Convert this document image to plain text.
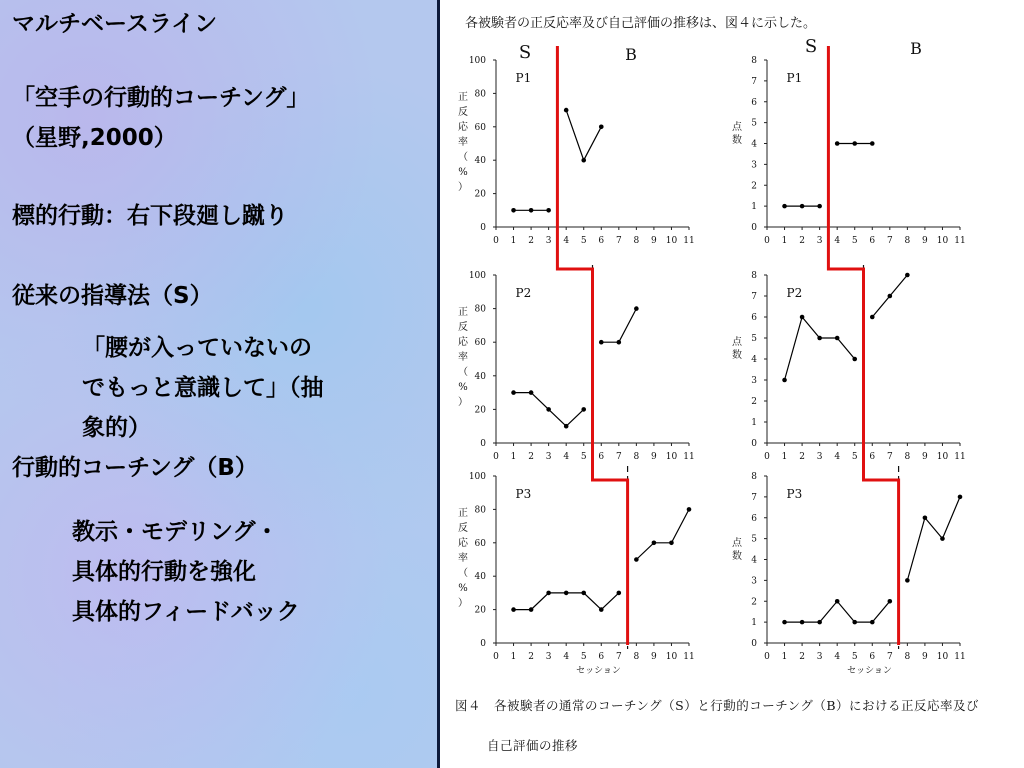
マルチベースライン
「空手の行動的コーチング」
（星野,2000）
標的行動：右下段廻し蹴り
従来の指導法（S）
「腰が入っていないの
でもっと意識して」（抽
象的）
行動的コーチング（B）
教示・モデリング・
具体的行動を強化
具体的フィードバック
各被験者の正反応率及び自己評価の推移は、図４に示した。
0
20
40
60
80
100
0 1 2 3 4 5 6 7 8 9 10 11
P1
正
反
応
率
（
%
）
0
1
2
3
4
5
6
7
8
0 1 2 3 4 5 6 7 8 9 10 11
P1
点
数
0
20
40
60
80
100
0 1 2 3 4 5 6 7 8 9 10 11
P2
正
反
応
率
（
%
）
0
1
2
3
4
5
6
7
8
0 1 2 3 4 5 6 7 8 9 10 11
P2
点
数
0
20
40
60
80
100
0 1 2 3 4 5 6 7 8 9 10 11
P3
正
反
応
率
（
%
）
セッション
0
1
2
3
4
5
6
7
8
0 1 2 3 4 5 6 7 8 9 10 11
P3
点
数
セッション
S	B	S	B
図４　各被験者の通常のコーチング（S）と行動的コーチング（B）における正反応率及び
自己評価の推移
